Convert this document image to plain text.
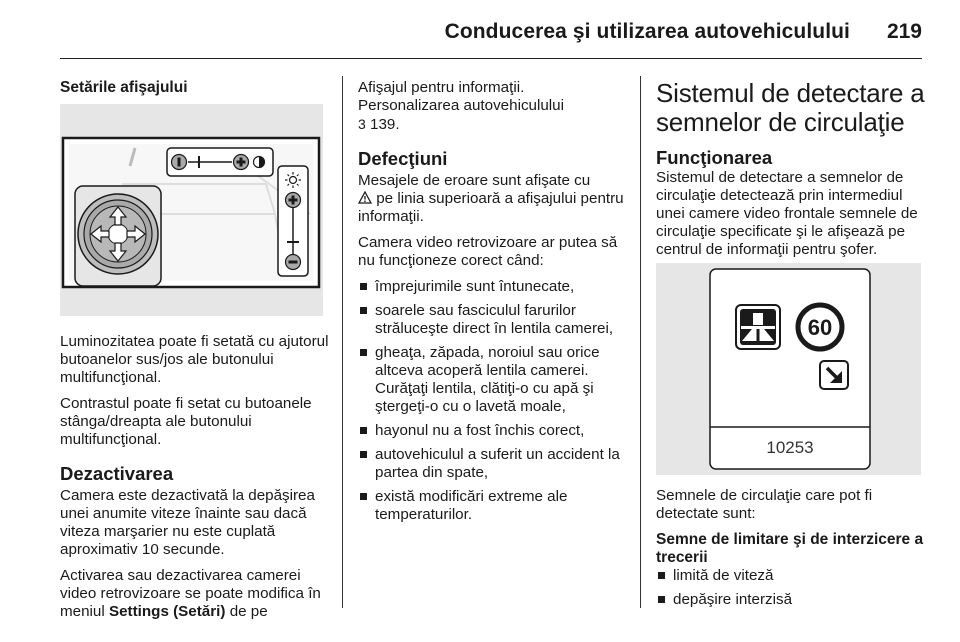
Conducerea şi utilizarea autovehiculului 219
Setările afişajului

Luminozitatea poate fi setată cu ajutorul butoanelor sus/jos ale butonului multifuncţional.

Contrastul poate fi setat cu butoanele stânga/dreapta ale butonului multifuncţional.

Dezactivarea

Camera este dezactivată la depăşirea unei anumite viteze înainte sau dacă viteza marşarier nu este cuplată aproximativ 10 secunde.

Activarea sau dezactivarea camerei video retrovizoare se poate modifica în meniul Settings (Setări) de pe

Afişajul pentru informaţii.
Personalizarea autovehiculului

3 139.

Defecţiuni

Mesajele de eroare sunt afişate cu
pe linia superioară a afişajului pentru informaţii.

Camera video retrovizoare ar putea să nu funcţioneze corect când:

împrejurimile sunt întunecate,
soarele sau fasciculul farurilor străluceşte direct în lentila camerei,
gheaţa, zăpada, noroiul sau orice altceva acoperă lentila camerei. Curăţaţi lentila, clătiţi-o cu apă şi ştergeţi-o cu o lavetă moale,
hayonul nu a fost închis corect,
autovehiculul a suferit un accident la partea din spate,
există modificări extreme ale temperaturilor.
Sistemul de detectare a semnelor de circulaţie
Funcţionarea

Sistemul de detectare a semnelor de circulaţie detectează prin intermediul unei camere video frontale semnele de circulaţie specificate şi le afişează pe centrul de informaţii pentru şofer.

60
10253

Semnele de circulaţie care pot fi detectate sunt:

Semne de limitare şi de interzicere a trecerii
limită de viteză
depăşire interzisă
